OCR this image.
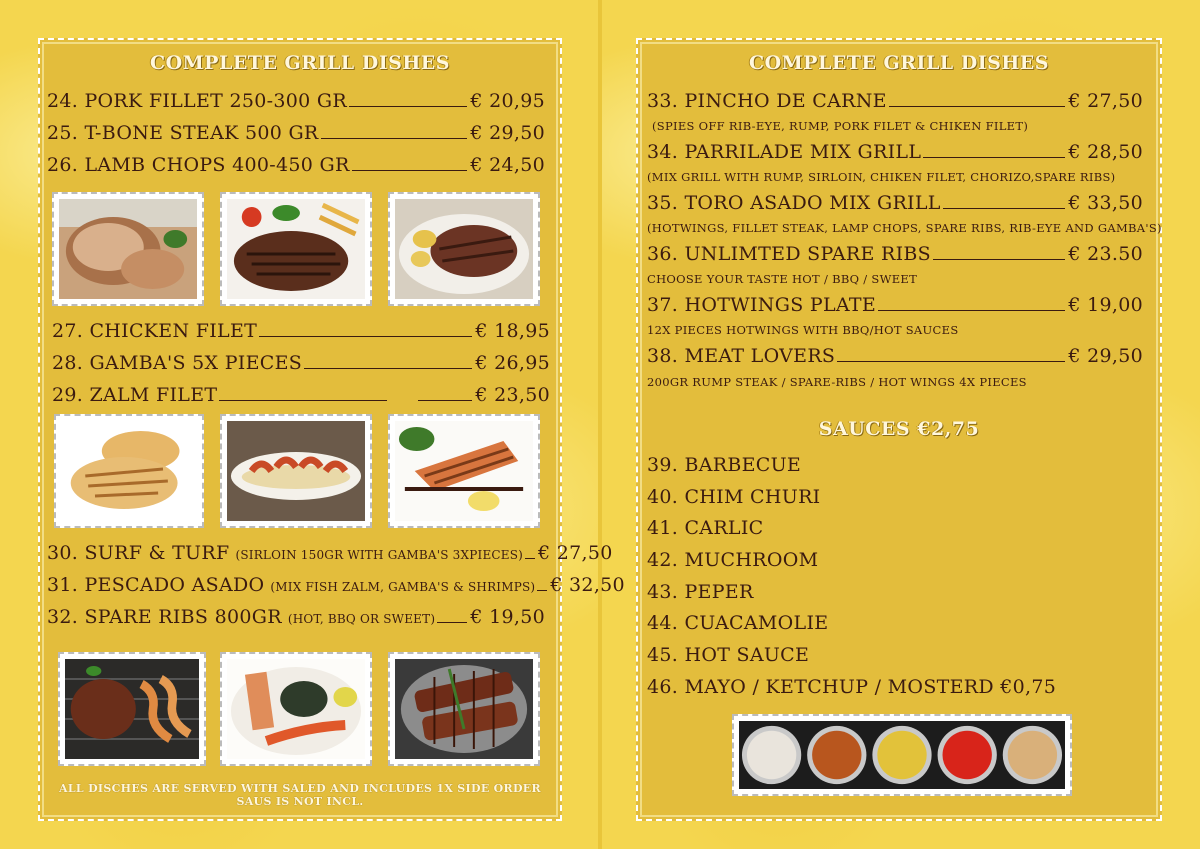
COMPLETE GRILL DISHES
24. PORK FILLET 250-300 GR	€ 20,95
25. T-BONE STEAK 500 GR	€ 29,50
26. LAMB CHOPS 400-450 GR	€ 24,50
27. CHICKEN FILET	€ 18,95
28. GAMBA'S 5X PIECES	€ 26,95
29. ZALM FILET	€ 23,50
30. SURF & TURF (SIRLOIN 150GR WITH GAMBA'S 3XPIECES) € 27,50
31. PESCADO ASADO (MIX FISH ZALM, GAMBA'S & SHRIMPS) € 32,50
32. SPARE RIBS 800GR (HOT, BBQ OR SWEET) € 19,50
ALL DISCHES ARE SERVED WITH SALED AND INCLUDES 1X SIDE ORDER SAUS IS NOT INCL.
COMPLETE GRILL DISHES
33. PINCHO DE CARNE	€ 27,50
(SPIES OFF RIB-EYE, RUMP, PORK FILET & CHIKEN FILET)
34. PARRILADE MIX GRILL	€ 28,50
(MIX GRILL WITH RUMP, SIRLOIN, CHIKEN FILET, CHORIZO,SPARE RIBS)
35. TORO ASADO MIX GRILL	€ 33,50
(HOTWINGS, FILLET STEAK, LAMP CHOPS, SPARE RIBS, RIB-EYE AND GAMBA'S)
36. UNLIMTED SPARE RIBS	€ 23.50
CHOOSE YOUR TASTE HOT / BBQ / SWEET
37. HOTWINGS PLATE	€ 19,00
12X PIECES HOTWINGS WITH BBQ/HOT SAUCES
38. MEAT LOVERS	€ 29,50
200GR RUMP STEAK / SPARE-RIBS / HOT WINGS 4X PIECES
SAUCES €2,75
39. BARBECUE
40. CHIM CHURI
41. CARLIC
42. MUCHROOM
43. PEPER
44. CUACAMOLIE
45. HOT SAUCE
46. MAYO / KETCHUP / MOSTERD €0,75
